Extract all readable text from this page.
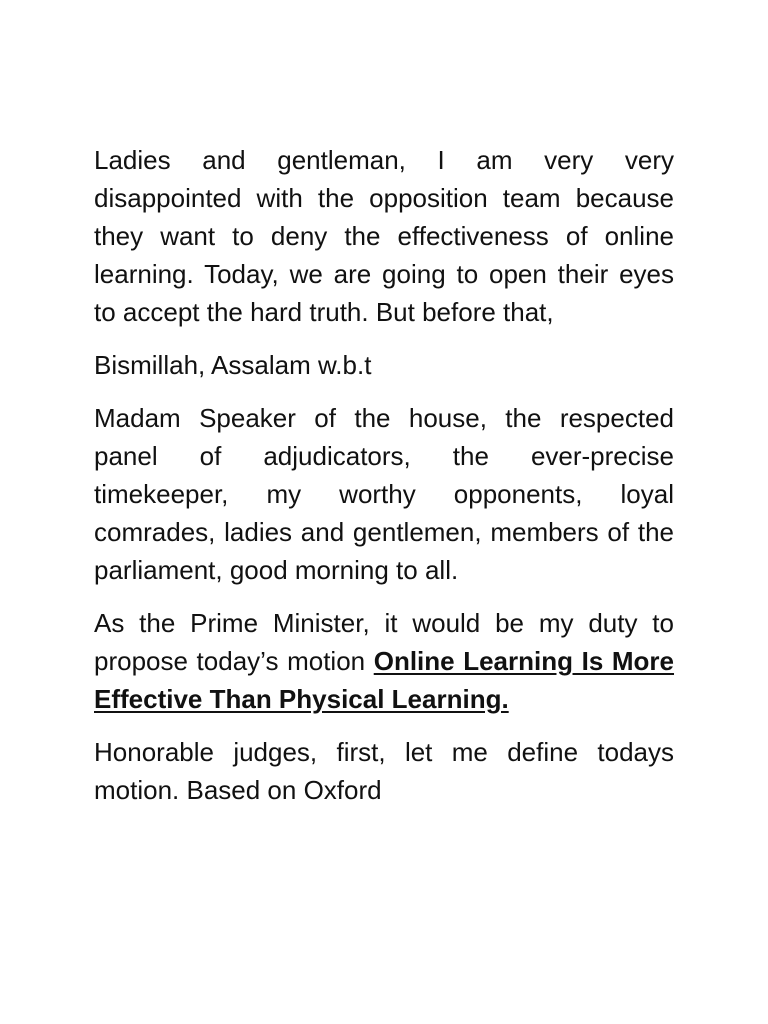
Ladies and gentleman, I am very very disappointed with the opposition team because they want to deny the effectiveness of online learning. Today, we are going to open their eyes to accept the hard truth. But before that,

Bismillah, Assalam w.b.t

Madam Speaker of the house, the respected panel of adjudicators, the ever-precise timekeeper, my worthy opponents, loyal comrades, ladies and gentlemen, members of the parliament, good morning to all.

As the Prime Minister, it would be my duty to propose today’s motion Online Learning Is More Effective Than Physical Learning.

Honorable judges, first, let me define todays motion. Based on Oxford
